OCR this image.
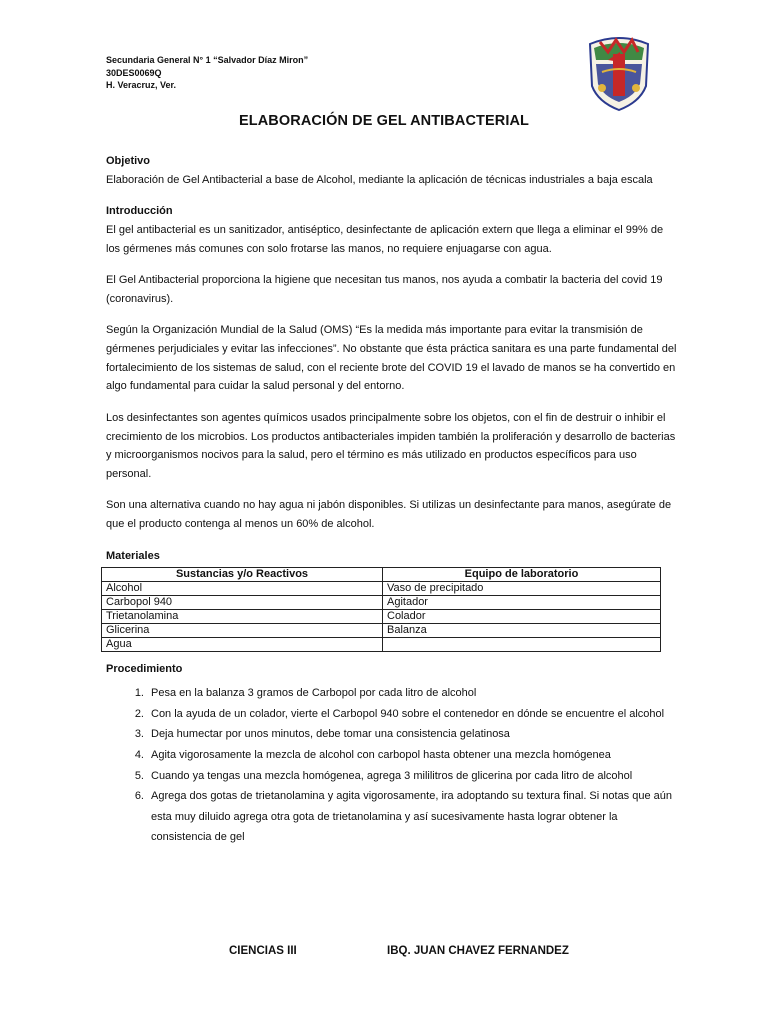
Secundaria General N° 1 “Salvador Díaz Miron”
30DES0069Q
H. Veracruz, Ver.
ELABORACIÓN DE GEL ANTIBACTERIAL
Objetivo

Elaboración de Gel Antibacterial a base de Alcohol, mediante la aplicación de técnicas industriales a baja escala

Introducción

El gel antibacterial es un sanitizador, antiséptico, desinfectante de aplicación extern que llega a eliminar el 99% de los gérmenes más comunes con solo frotarse las manos, no requiere enjuagarse con agua.

El Gel Antibacterial proporciona la higiene que necesitan tus manos, nos ayuda a combatir la bacteria del covid 19 (coronavirus).

Según la Organización Mundial de la Salud (OMS) “Es la medida más importante para evitar la transmisión de gérmenes perjudiciales y evitar las infecciones”. No obstante que ésta práctica sanitara es una parte fundamental del fortalecimiento de los sistemas de salud, con el reciente brote del COVID 19 el lavado de manos se ha convertido en algo fundamental para cuidar la salud personal y del entorno.

Los desinfectantes son agentes químicos usados principalmente sobre los objetos, con el fin de destruir o inhibir el crecimiento de los microbios. Los productos antibacteriales impiden también la proliferación y desarrollo de bacterias y microorganismos nocivos para la salud, pero el término es más utilizado en productos específicos para uso personal.

Son una alternativa cuando no hay agua ni jabón disponibles. Si utilizas un desinfectante para manos, asegúrate de que el producto contenga al menos un 60% de alcohol.

Materiales
Sustancias y/o Reactivos	Equipo de laboratorio
Alcohol	Vaso de precipitado
Carbopol 940	Agitador
Trietanolamina	Colador
Glicerina	Balanza
Agua	
Procedimiento
1. Pesa en la balanza 3 gramos de Carbopol por cada litro de alcohol
2. Con la ayuda de un colador, vierte el Carbopol 940 sobre el contenedor en dónde se encuentre el alcohol
3. Deja humectar por unos minutos, debe tomar una consistencia gelatinosa
4. Agita vigorosamente la mezcla de alcohol con carbopol hasta obtener una mezcla homógenea
5. Cuando ya tengas una mezcla homógenea, agrega 3 mililitros de glicerina por cada litro de alcohol
6. Agrega dos gotas de trietanolamina y agita vigorosamente, ira adoptando su textura final. Si notas que aún esta muy diluido agrega otra gota de trietanolamina y así sucesivamente hasta lograr obtener la consistencia de gel
CIENCIAS III	IBQ. JUAN CHAVEZ FERNANDEZ
